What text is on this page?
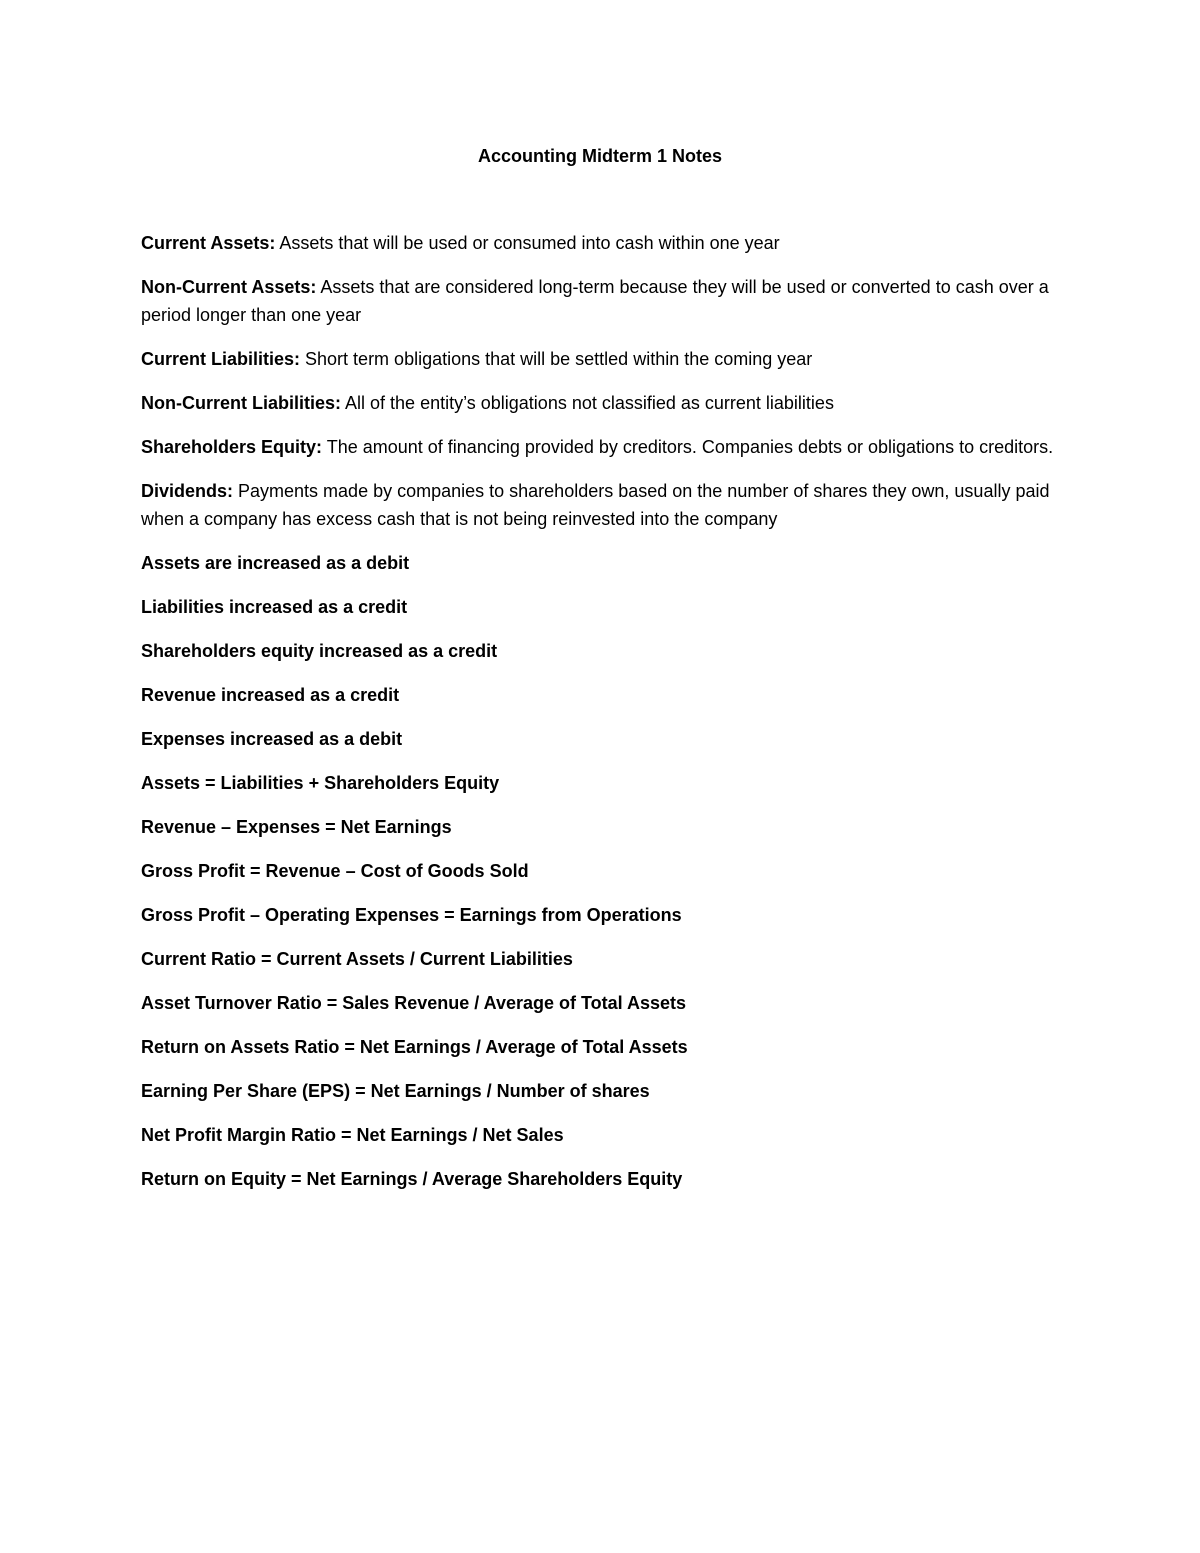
Accounting Midterm 1 Notes

Current Assets: Assets that will be used or consumed into cash within one year

Non-Current Assets: Assets that are considered long-term because they will be used or converted to cash over a period longer than one year

Current Liabilities: Short term obligations that will be settled within the coming year

Non-Current Liabilities: All of the entity’s obligations not classified as current liabilities

Shareholders Equity: The amount of financing provided by creditors. Companies debts or obligations to creditors.

Dividends: Payments made by companies to shareholders based on the number of shares they own, usually paid when a company has excess cash that is not being reinvested into the company

Assets are increased as a debit

Liabilities increased as a credit

Shareholders equity increased as a credit

Revenue increased as a credit

Expenses increased as a debit

Assets = Liabilities + Shareholders Equity

Revenue – Expenses = Net Earnings

Gross Profit = Revenue – Cost of Goods Sold

Gross Profit – Operating Expenses = Earnings from Operations

Current Ratio = Current Assets / Current Liabilities

Asset Turnover Ratio = Sales Revenue / Average of Total Assets

Return on Assets Ratio = Net Earnings / Average of Total Assets

Earning Per Share (EPS) = Net Earnings / Number of shares

Net Profit Margin Ratio = Net Earnings / Net Sales

Return on Equity = Net Earnings / Average Shareholders Equity
